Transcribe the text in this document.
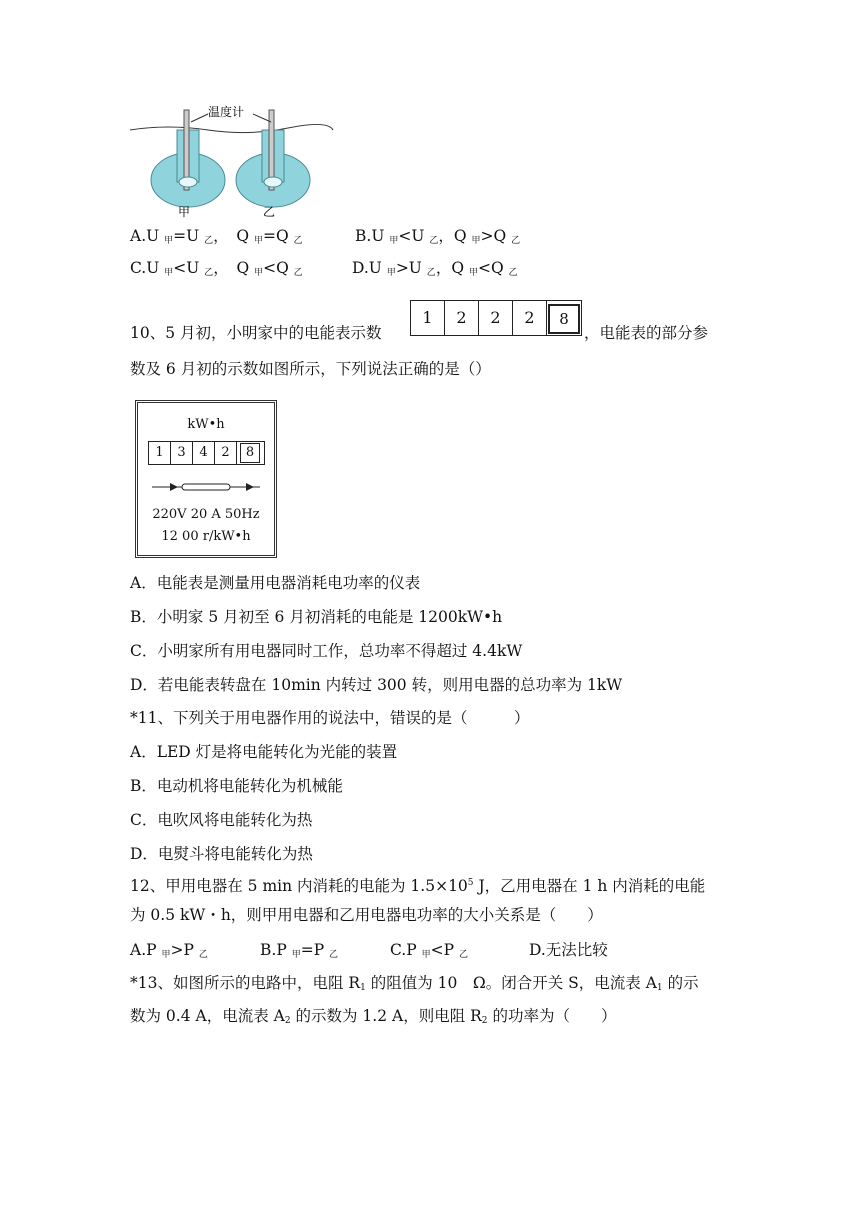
温度计
甲	乙
A.U $_甲$=U $_乙$，　Q $_甲$=Q $_乙$	B.U $_甲$<U $_乙$，Q $_甲$>Q $_乙$
C.U $_甲$<U $_乙$，　Q $_甲$<Q $_乙$	D.U $_甲$>U $_乙$，Q $_甲$<Q $_乙$
10、5 月初，小明家中的电能表示数
1	2	2	2	8
，电能表的部分参
数及 6 月初的示数如图所示，下列说法正确的是（）
kW•h
1	3	4	2	8
220V 20 A 50Hz
12 00 r/kW•h
A．电能表是测量用电器消耗电功率的仪表
B．小明家 5 月初至 6 月初消耗的电能是 1200kW•h
C．小明家所有用电器同时工作，总功率不得超过 4.4kW
D．若电能表转盘在 10min 内转过 300 转，则用电器的总功率为 1kW
*11、下列关于用电器作用的说法中，错误的是（　　　）
A．LED 灯是将电能转化为光能的装置
B．电动机将电能转化为机械能
C．电吹风将电能转化为热
D．电熨斗将电能转化为热
12、甲用电器在 5 min 内消耗的电能为 $1.5\times 10^5$ J，乙用电器在 1 h 内消耗的电能
为 0.5 kW・h，则甲用电器和乙用电器电功率的大小关系是（　　）
A.P $_甲$>P $_乙$	B.P $_甲$=P $_乙$	C.P $_甲$<P $_乙$	D.无法比较
*13、如图所示的电路中，电阻 $R_1$ 的阻值为 10　Ω。闭合开关 S，电流表 $A_1$ 的示
数为 0.4 A，电流表 $A_2$ 的示数为 1.2 A，则电阻 $R_2$ 的功率为（　　）
